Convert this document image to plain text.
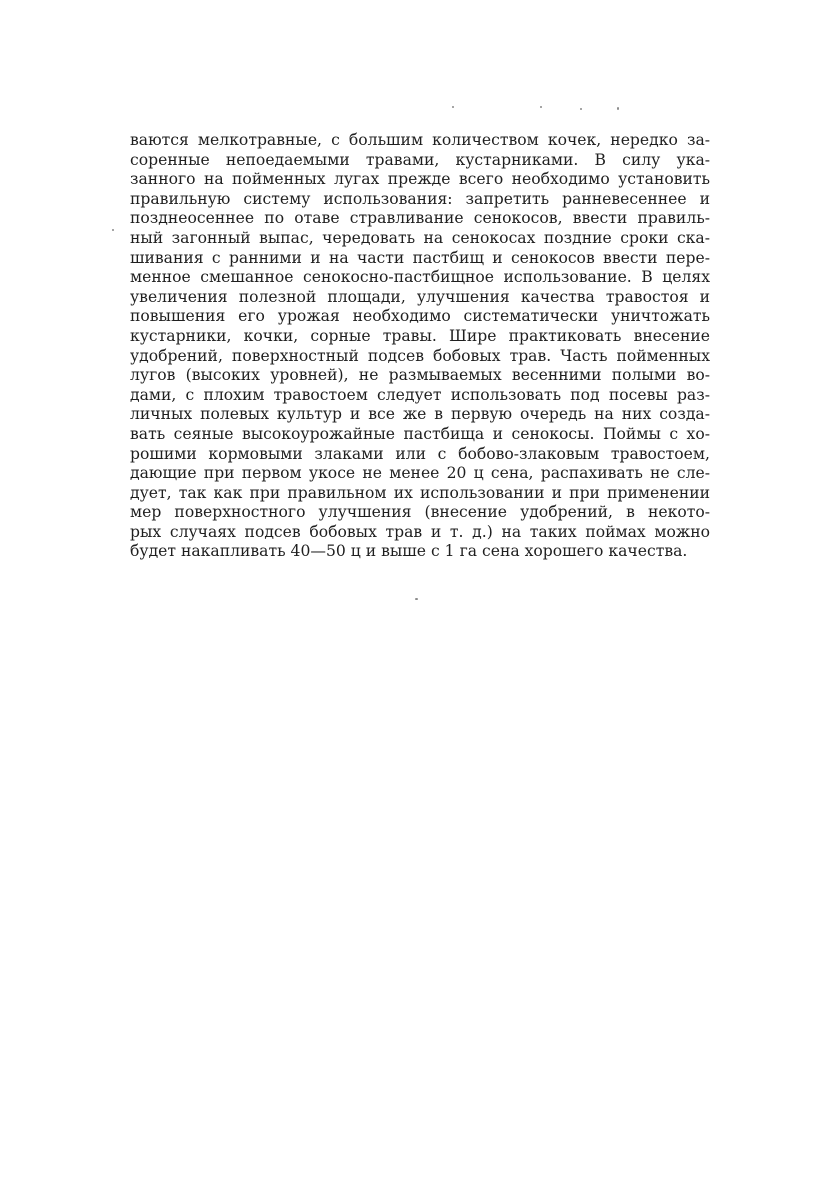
ваются мелкотравные, с большим количеством кочек, нередко за-
соренные непоедаемыми травами, кустарниками. В силу ука-
занного на пойменных лугах прежде всего необходимо установить
правильную систему использования: запретить ранневесеннее и
позднеосеннее по отаве стравливание сенокосов, ввести правиль-
ный загонный выпас, чередовать на сенокосах поздние сроки ска-
шивания с ранними и на части пастбищ и сенокосов ввести пере-
менное смешанное сенокосно-пастбищное использование. В целях
увеличения полезной площади, улучшения качества травостоя и
повышения его урожая необходимо систематически уничтожать
кустарники, кочки, сорные травы. Шире практиковать внесение
удобрений, поверхностный подсев бобовых трав. Часть пойменных
лугов (высоких уровней), не размываемых весенними полыми во-
дами, с плохим травостоем следует использовать под посевы раз-
личных полевых культур и все же в первую очередь на них созда-
вать сеяные высокоурожайные пастбища и сенокосы. Поймы с хо-
рошими кормовыми злаками или с бобово-злаковым травостоем,
дающие при первом укосе не менее 20 ц сена, распахивать не сле-
дует, так как при правильном их использовании и при применении
мер поверхностного улучшения (внесение удобрений, в некото-
рых случаях подсев бобовых трав и т. д.) на таких поймах можно
будет накапливать 40—50 ц и выше с 1 га сена хорошего качества.
